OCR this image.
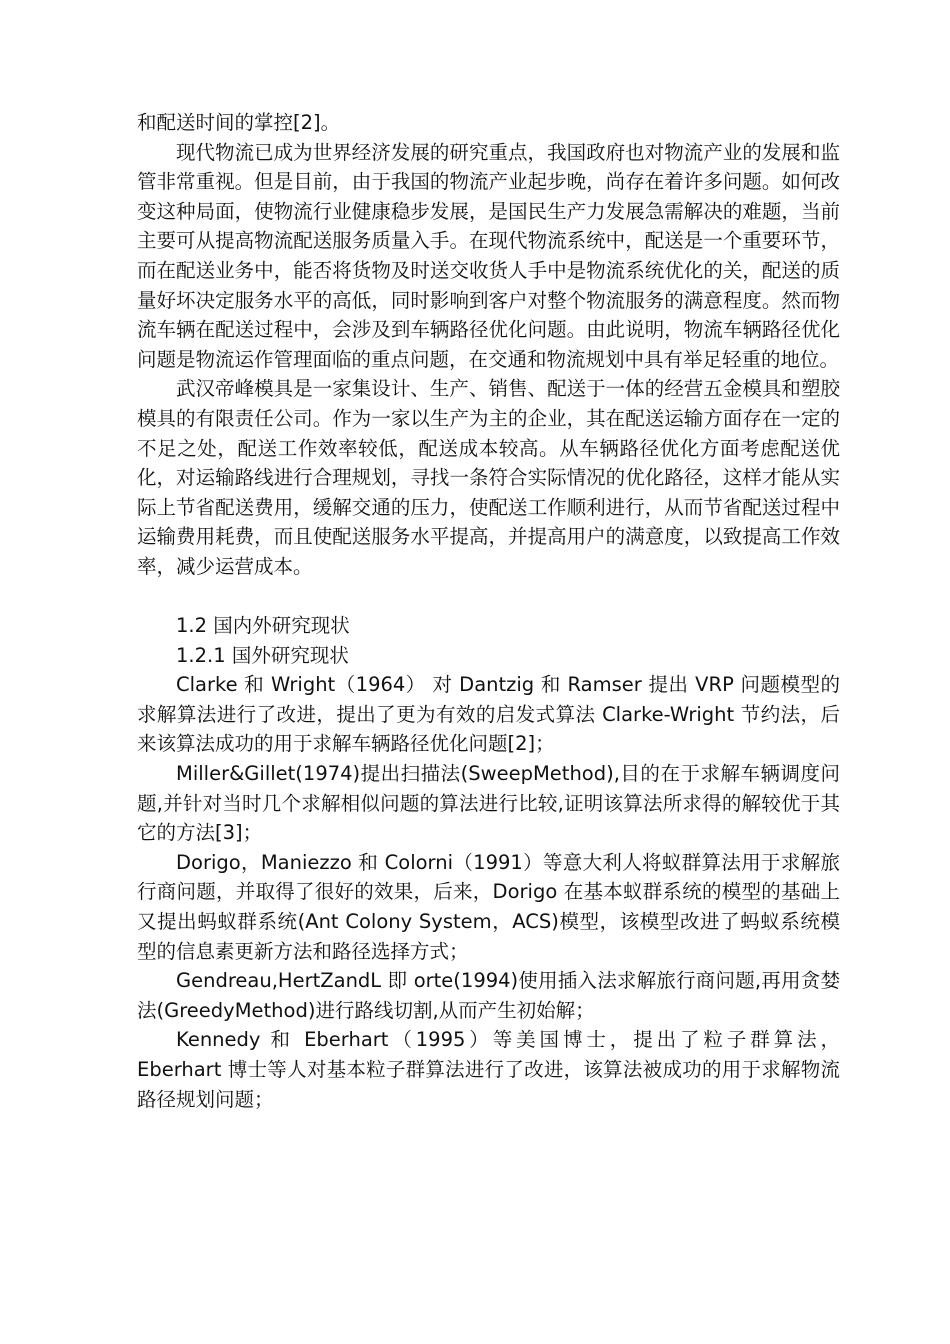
和配送时间的掌控[2]。

现代物流已成为世界经济发展的研究重点，我国政府也对物流产业的发展和监管非常重视。但是目前，由于我国的物流产业起步晚，尚存在着许多问题。如何改变这种局面，使物流行业健康稳步发展，是国民生产力发展急需解决的难题，当前主要可从提高物流配送服务质量入手。在现代物流系统中，配送是一个重要环节，而在配送业务中，能否将货物及时送交收货人手中是物流系统优化的关，配送的质量好坏决定服务水平的高低，同时影响到客户对整个物流服务的满意程度。然而物流车辆在配送过程中，会涉及到车辆路径优化问题。由此说明，物流车辆路径优化问题是物流运作管理面临的重点问题，在交通和物流规划中具有举足轻重的地位。

武汉帝峰模具是一家集设计、生产、销售、配送于一体的经营五金模具和塑胶模具的有限责任公司。作为一家以生产为主的企业，其在配送运输方面存在一定的不足之处，配送工作效率较低，配送成本较高。从车辆路径优化方面考虑配送优化，对运输路线进行合理规划，寻找一条符合实际情况的优化路径，这样才能从实际上节省配送费用，缓解交通的压力，使配送工作顺利进行，从而节省配送过程中运输费用耗费，而且使配送服务水平提高，并提高用户的满意度，以致提高工作效率，减少运营成本。

1.2 国内外研究现状

1.2.1 国外研究现状

Clarke 和 Wright（1964） 对 Dantzig 和 Ramser 提出 VRP 问题模型的求解算法进行了改进，提出了更为有效的启发式算法 Clarke-Wright 节约法，后来该算法成功的用于求解车辆路径优化问题[2]；

Miller&Gillet(1974)提出扫描法(SweepMethod),目的在于求解车辆调度问题,并针对当时几个求解相似问题的算法进行比较,证明该算法所求得的解较优于其它的方法[3]；

Dorigo，Maniezzo 和 Colorni（1991）等意大利人将蚁群算法用于求解旅行商问题，并取得了很好的效果，后来，Dorigo 在基本蚁群系统的模型的基础上又提出蚂蚁群系统(Ant Colony System，ACS)模型，该模型改进了蚂蚁系统模型的信息素更新方法和路径选择方式；

Gendreau,HertZandL 即 orte(1994)使用插入法求解旅行商问题,再用贪婪法(GreedyMethod)进行路线切割,从而产生初始解；

Kennedy 和 Eberhart（1995）等美国博士，提出了粒子群算法，Eberhart 博士等人对基本粒子群算法进行了改进，该算法被成功的用于求解物流路径规划问题；
